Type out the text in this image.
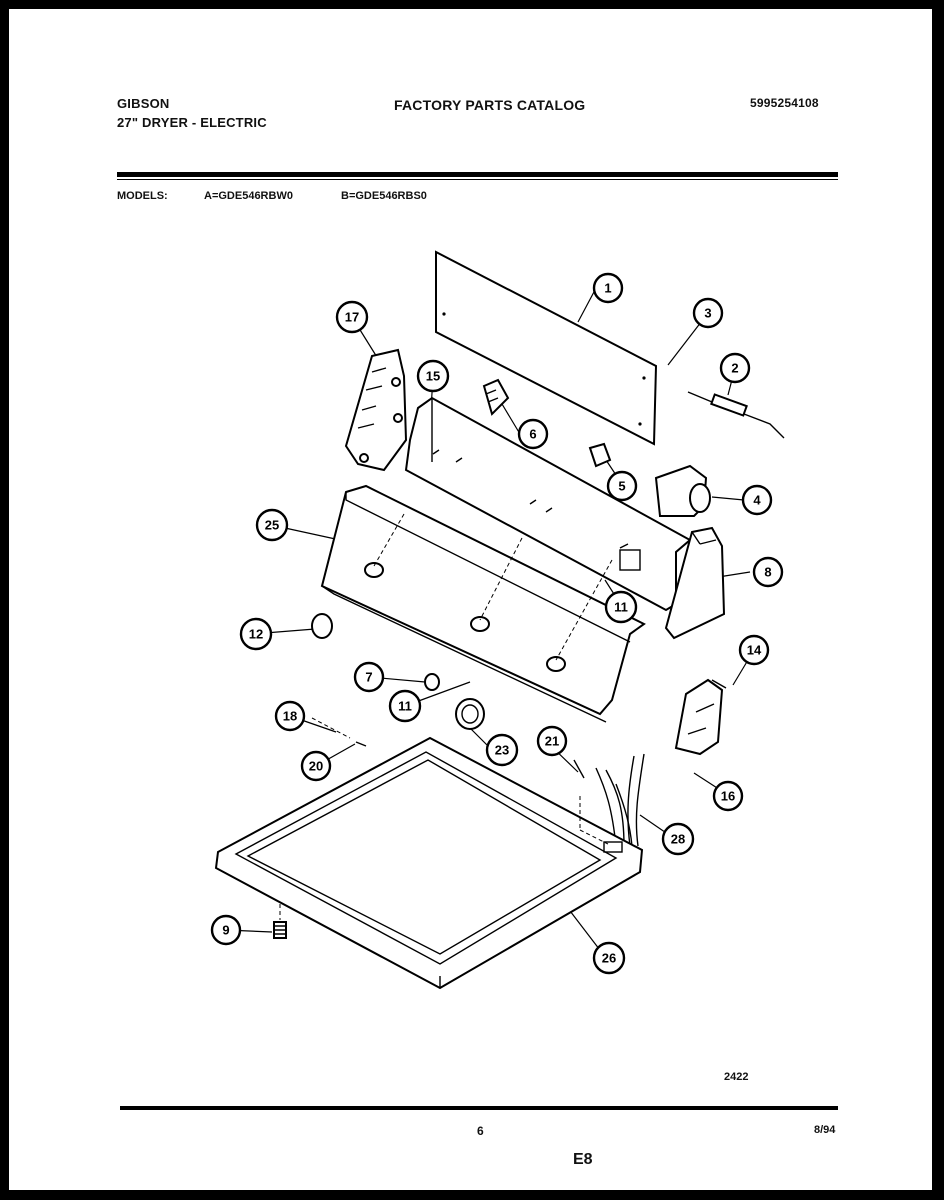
GIBSON
27" DRYER - ELECTRIC
FACTORY PARTS CATALOG	5995254108
MODELS:	A=GDE546RBW0	B=GDE546RBS0
1
3
2
17
15
6
5
4
8
25
11
12
14
7
11
18
21
23
20
16
28
9
26
2422
6	8/94
E8
